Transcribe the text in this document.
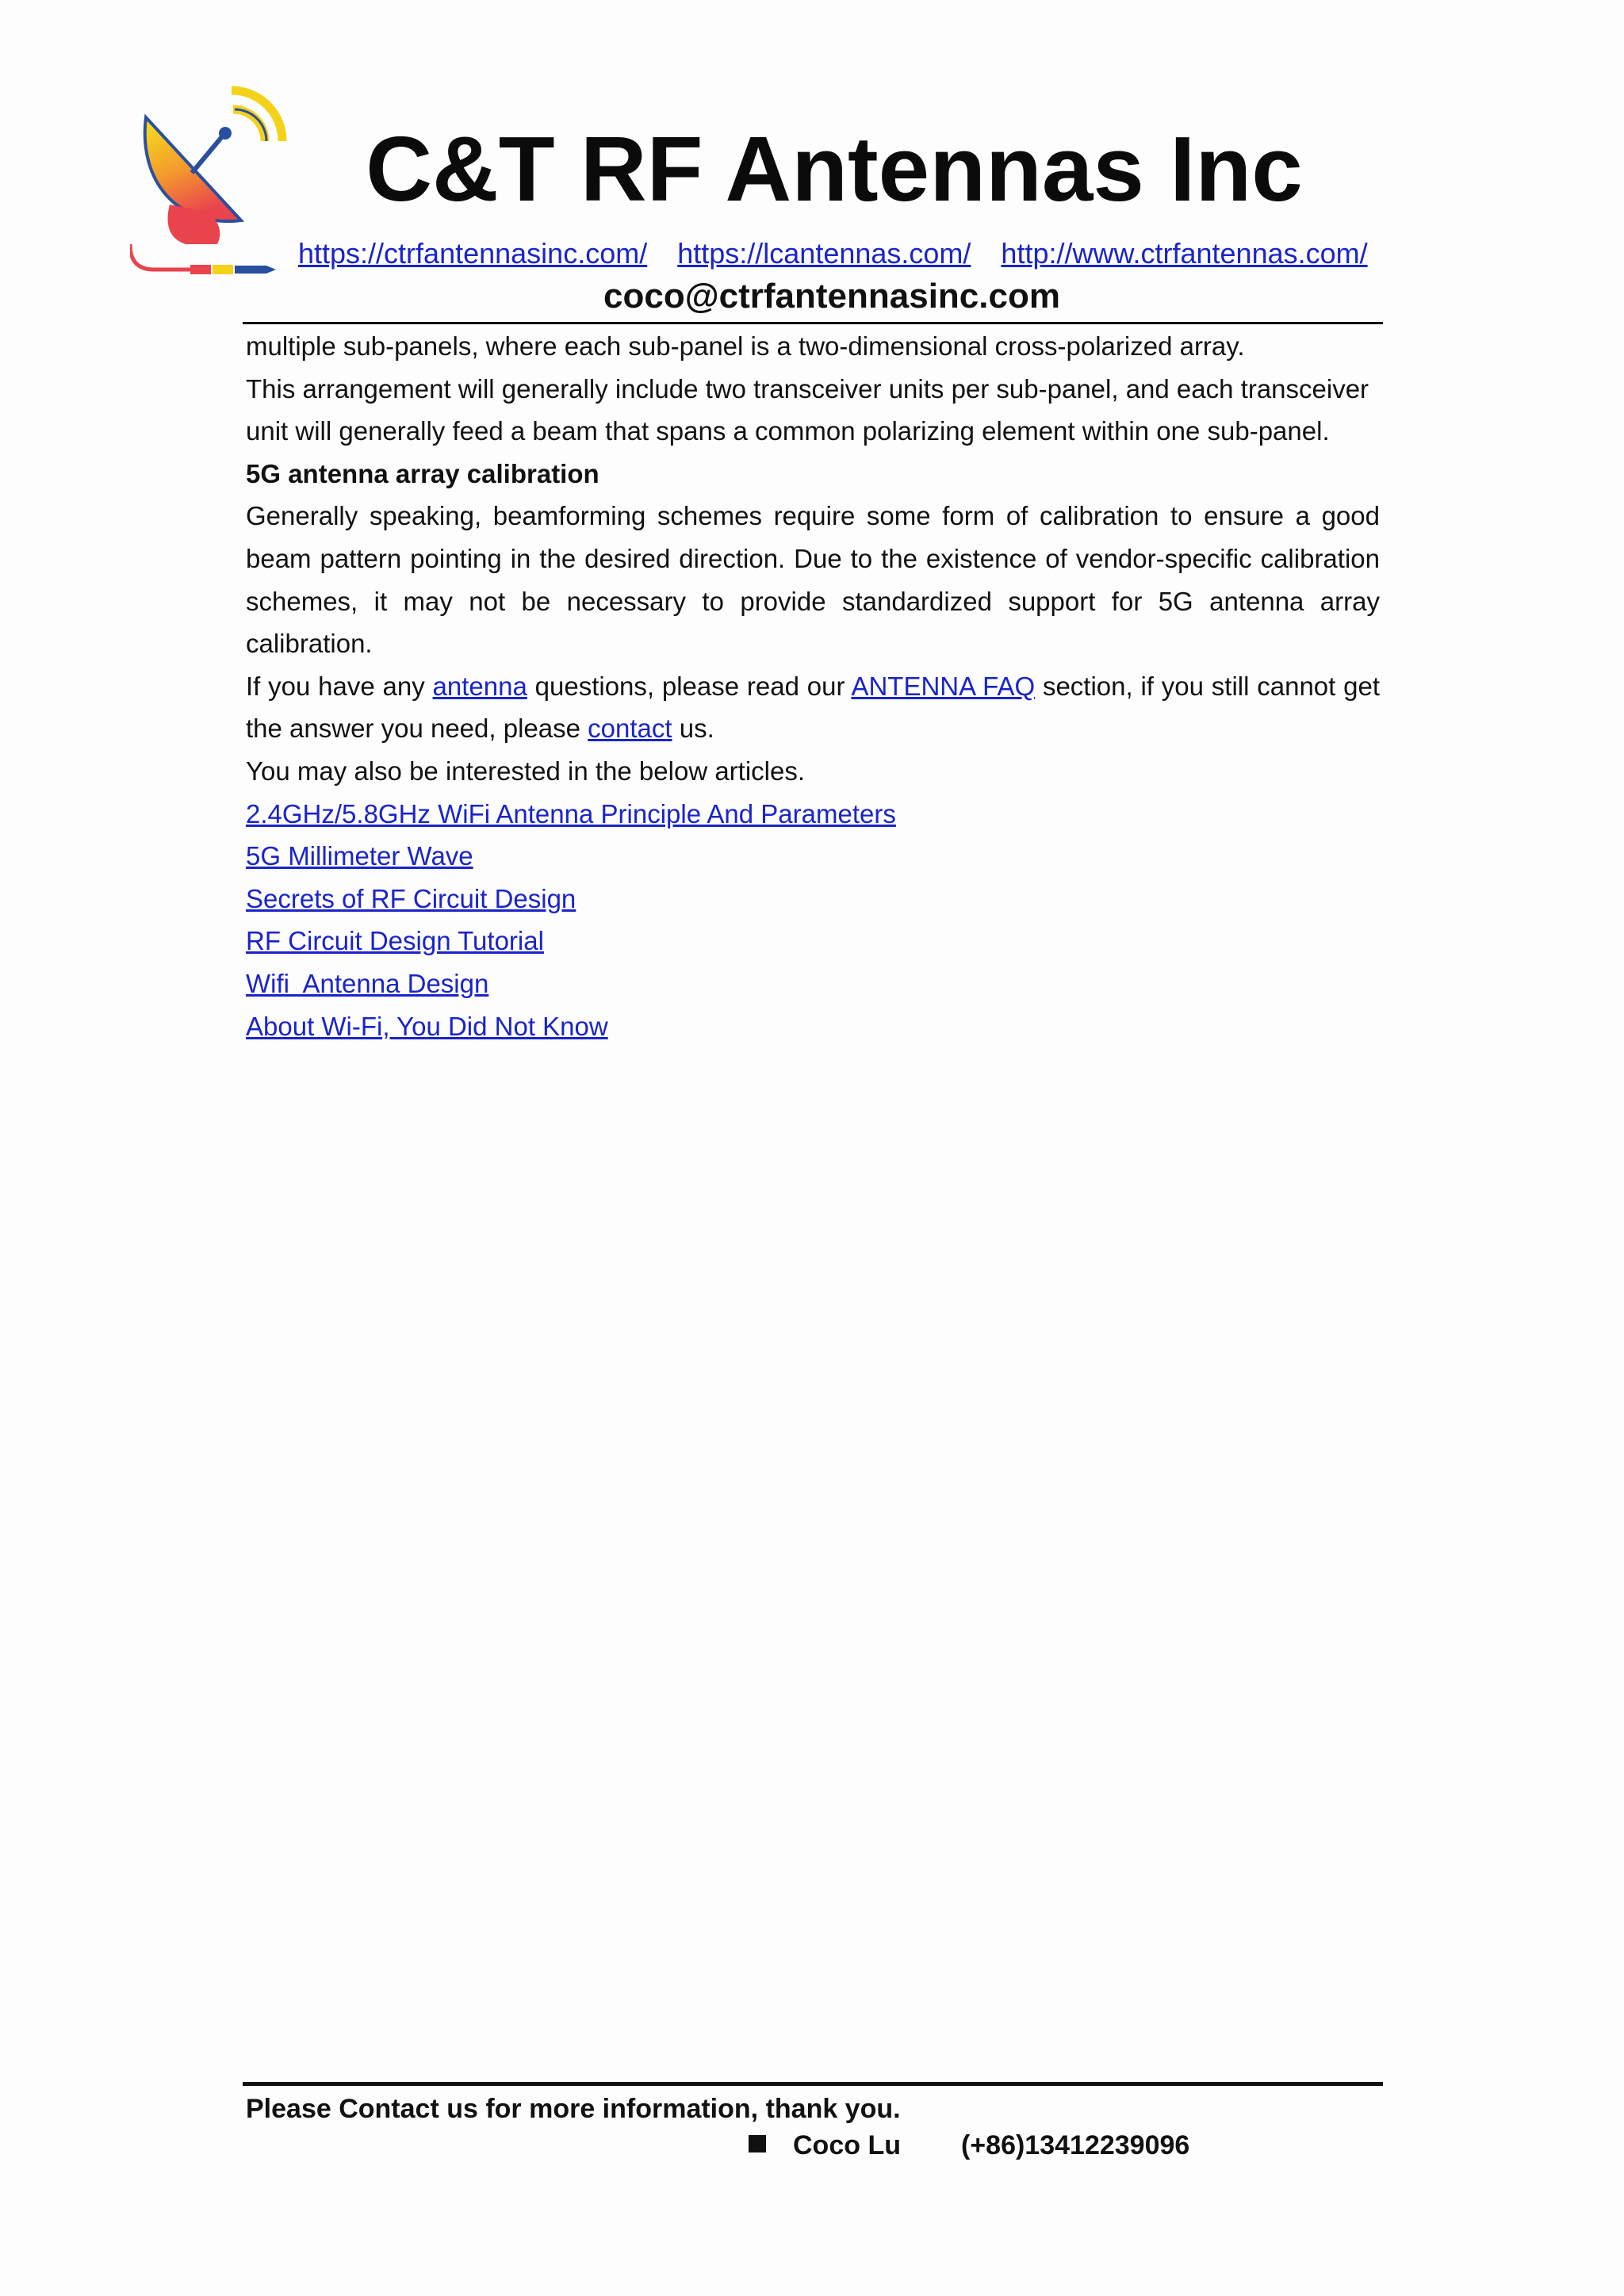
C&T RF Antennas Inc
https://ctrfantennasinc.com/ https://lcantennas.com/ http://www.ctrfantennas.com/
coco@ctrfantennasinc.com

multiple sub-panels, where each sub-panel is a two-dimensional cross-polarized array.

This arrangement will generally include two transceiver units per sub-panel, and each transceiver unit will generally feed a beam that spans a common polarizing element within one sub-panel.

5G antenna array calibration

Generally speaking, beamforming schemes require some form of calibration to ensure a good beam pattern pointing in the desired direction. Due to the existence of vendor-specific calibration schemes, it may not be necessary to provide standardized support for 5G antenna array calibration.

If you have any antenna questions, please read our ANTENNA FAQ section, if you still cannot get the answer you need, please contact us.

You may also be interested in the below articles.

2.4GHz/5.8GHz WiFi Antenna Principle And Parameters

5G Millimeter Wave

Secrets of RF Circuit Design

RF Circuit Design Tutorial

Wifi  Antenna Design

About Wi-Fi, You Did Not Know

Please Contact us for more information, thank you.
Coco Lu (+86)13412239096
